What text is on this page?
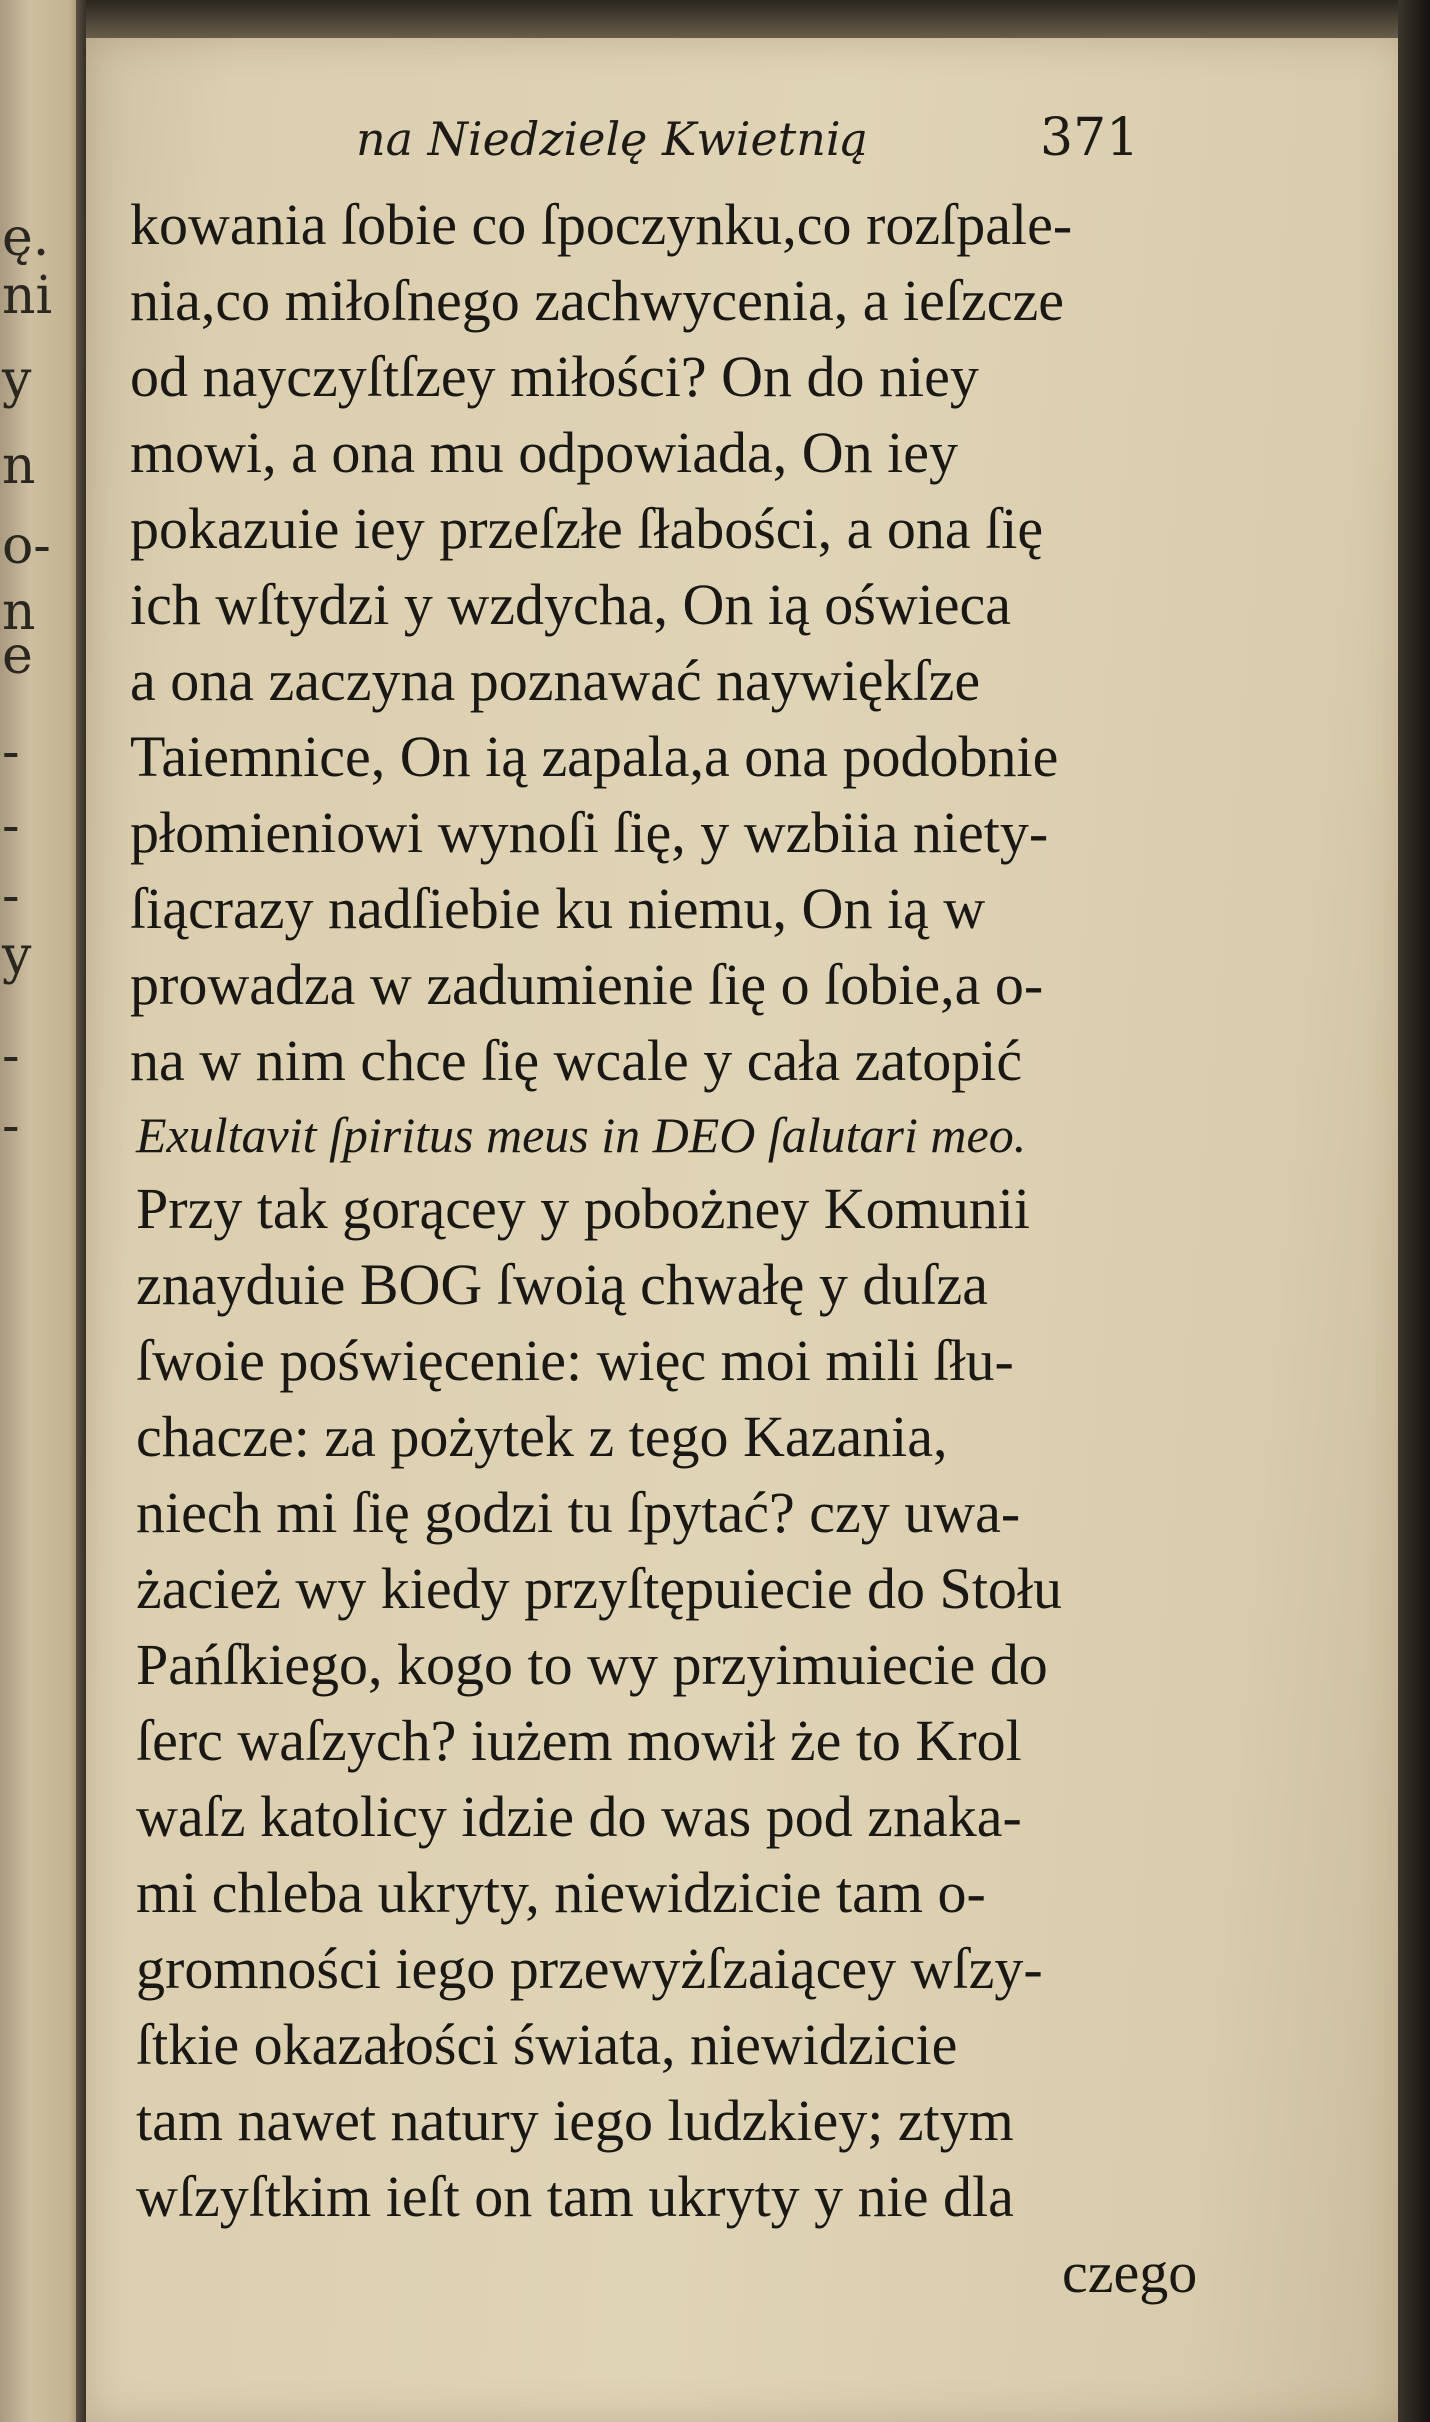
ę.
ni
y
n
o-
n
e
-
-
-
y
-
-
na Niedzielę Kwietnią	371
kowania ſobie co ſpoczynku,co rozſpale-
nia,co miłoſnego zachwycenia, a ieſzcze
od nayczyſtſzey miłości? On do niey
mowi, a ona mu odpowiada, On iey
pokazuie iey przeſzłe ſłabości, a ona ſię
ich wſtydzi y wzdycha, On ią oświeca
a ona zaczyna poznawać naywiękſze
Taiemnice, On ią zapala,a ona podobnie
płomieniowi wynoſi ſię, y wzbiia niety-
ſiącrazy nadſiebie ku niemu, On ią w
prowadza w zadumienie ſię o ſobie,a o-
na w nim chce ſię wcale y cała zatopić
Exultavit ſpiritus meus in DEO ſalutari meo.
Przy tak gorącey y pobożney Komunii
znayduie BOG ſwoią chwałę y duſza
ſwoie poświęcenie: więc moi mili ſłu-
chacze: za pożytek z tego Kazania,
niech mi ſię godzi tu ſpytać? czy uwa-
żacież wy kiedy przyſtępuiecie do Stołu
Pańſkiego, kogo to wy przyimuiecie do
ſerc waſzych? iużem mowił że to Krol
waſz katolicy idzie do was pod znaka-
mi chleba ukryty, niewidzicie tam o-
gromności iego przewyżſzaiącey wſzy-
ſtkie okazałości świata, niewidzicie
tam nawet natury iego ludzkiey; ztym
wſzyſtkim ieſt on tam ukryty y nie dla
czego
